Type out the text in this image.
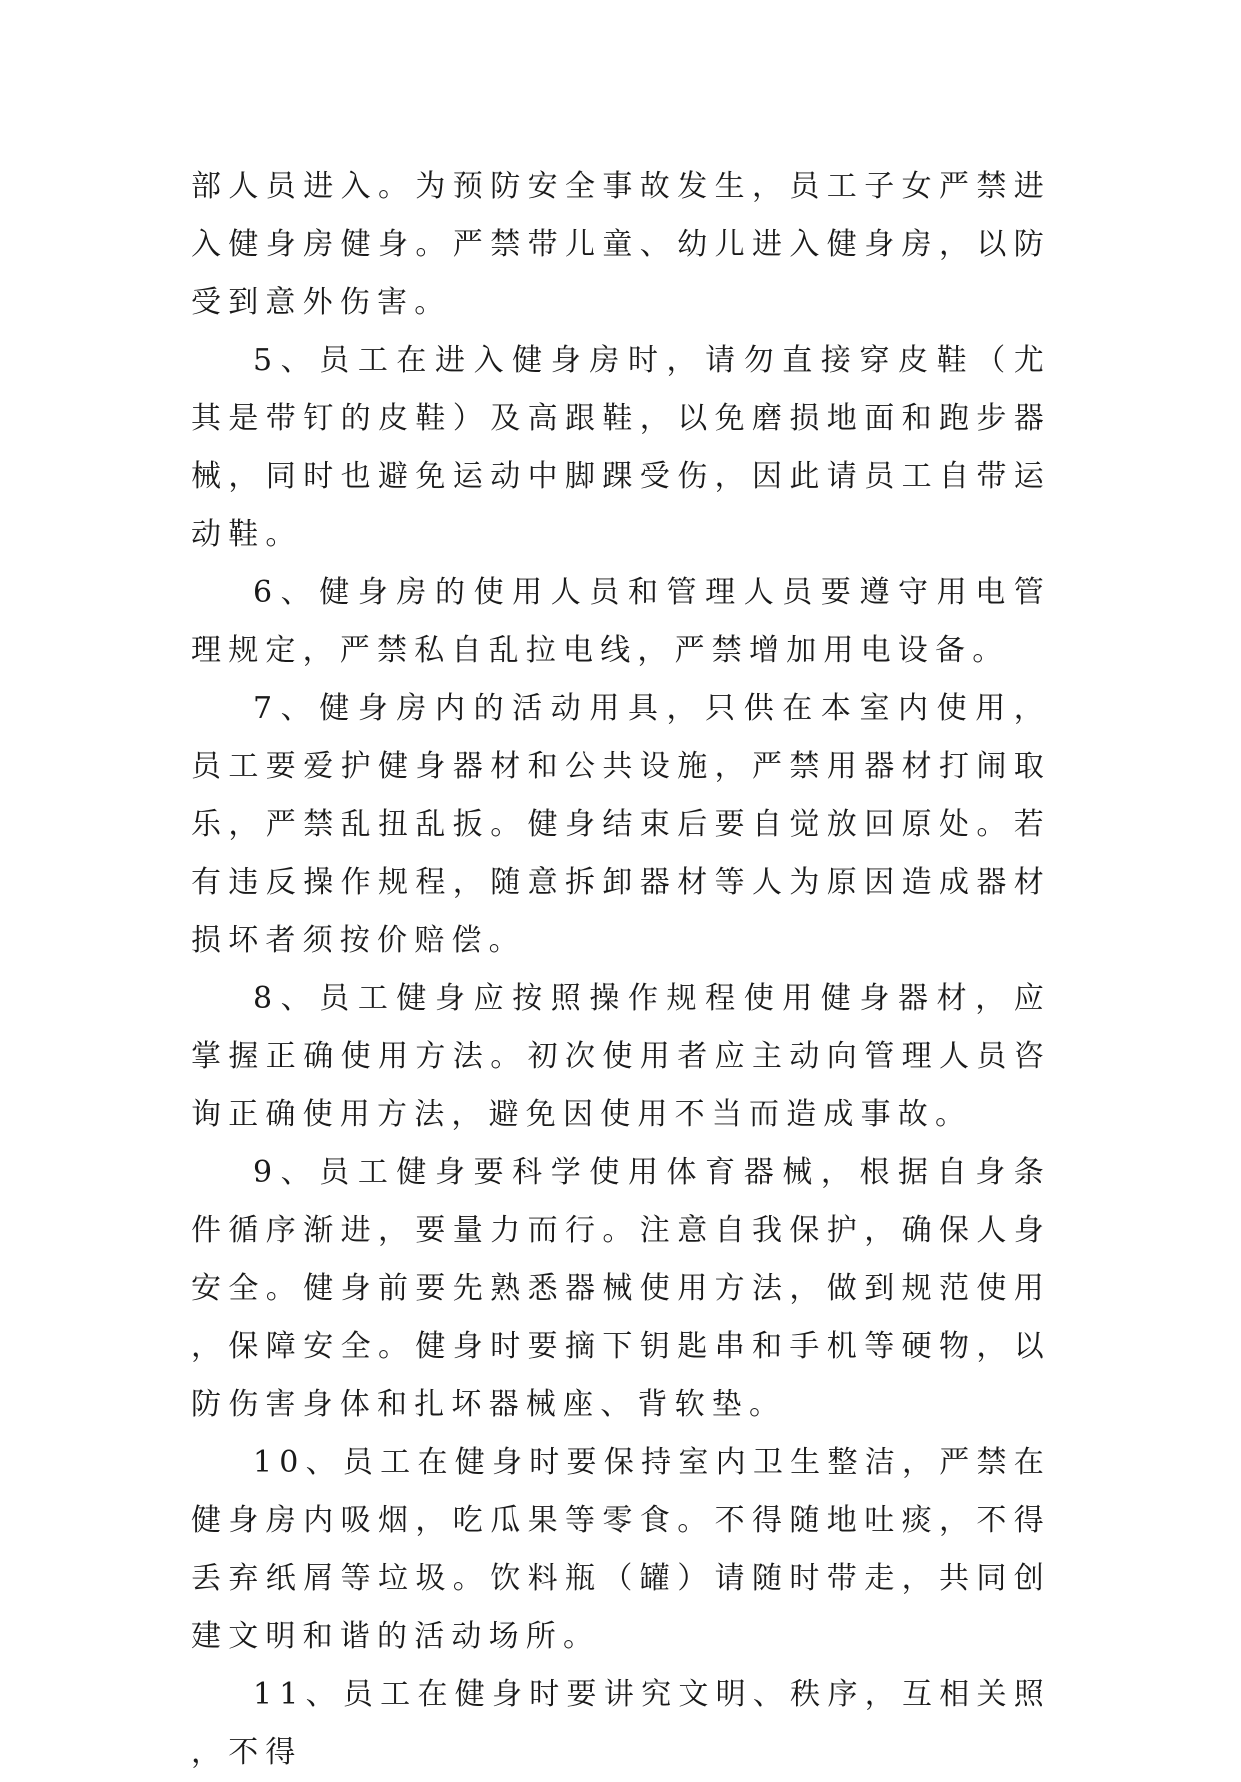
部人员进入。为预防安全事故发生，员工子女严禁进入健身房健身。严禁带儿童、幼儿进入健身房，以防受到意外伤害。

5、员工在进入健身房时，请勿直接穿皮鞋（尤其是带钉的皮鞋）及高跟鞋，以免磨损地面和跑步器械，同时也避免运动中脚踝受伤，因此请员工自带运动鞋。

6、健身房的使用人员和管理人员要遵守用电管理规定，严禁私自乱拉电线，严禁增加用电设备。

7、健身房内的活动用具，只供在本室内使用，员工要爱护健身器材和公共设施，严禁用器材打闹取乐，严禁乱扭乱扳。健身结束后要自觉放回原处。若有违反操作规程，随意拆卸器材等人为原因造成器材损坏者须按价赔偿。

8、员工健身应按照操作规程使用健身器材，应掌握正确使用方法。初次使用者应主动向管理人员咨询正确使用方法，避免因使用不当而造成事故。

9、员工健身要科学使用体育器械，根据自身条件循序渐进，要量力而行。注意自我保护，确保人身安全。健身前要先熟悉器械使用方法，做到规范使用，保障安全。健身时要摘下钥匙串和手机等硬物，以防伤害身体和扎坏器械座、背软垫。

10、员工在健身时要保持室内卫生整洁，严禁在健身房内吸烟，吃瓜果等零食。不得随地吐痰，不得丢弃纸屑等垃圾。饮料瓶（罐）请随时带走，共同创建文明和谐的活动场所。

11、员工在健身时要讲究文明、秩序，互相关照，不得
